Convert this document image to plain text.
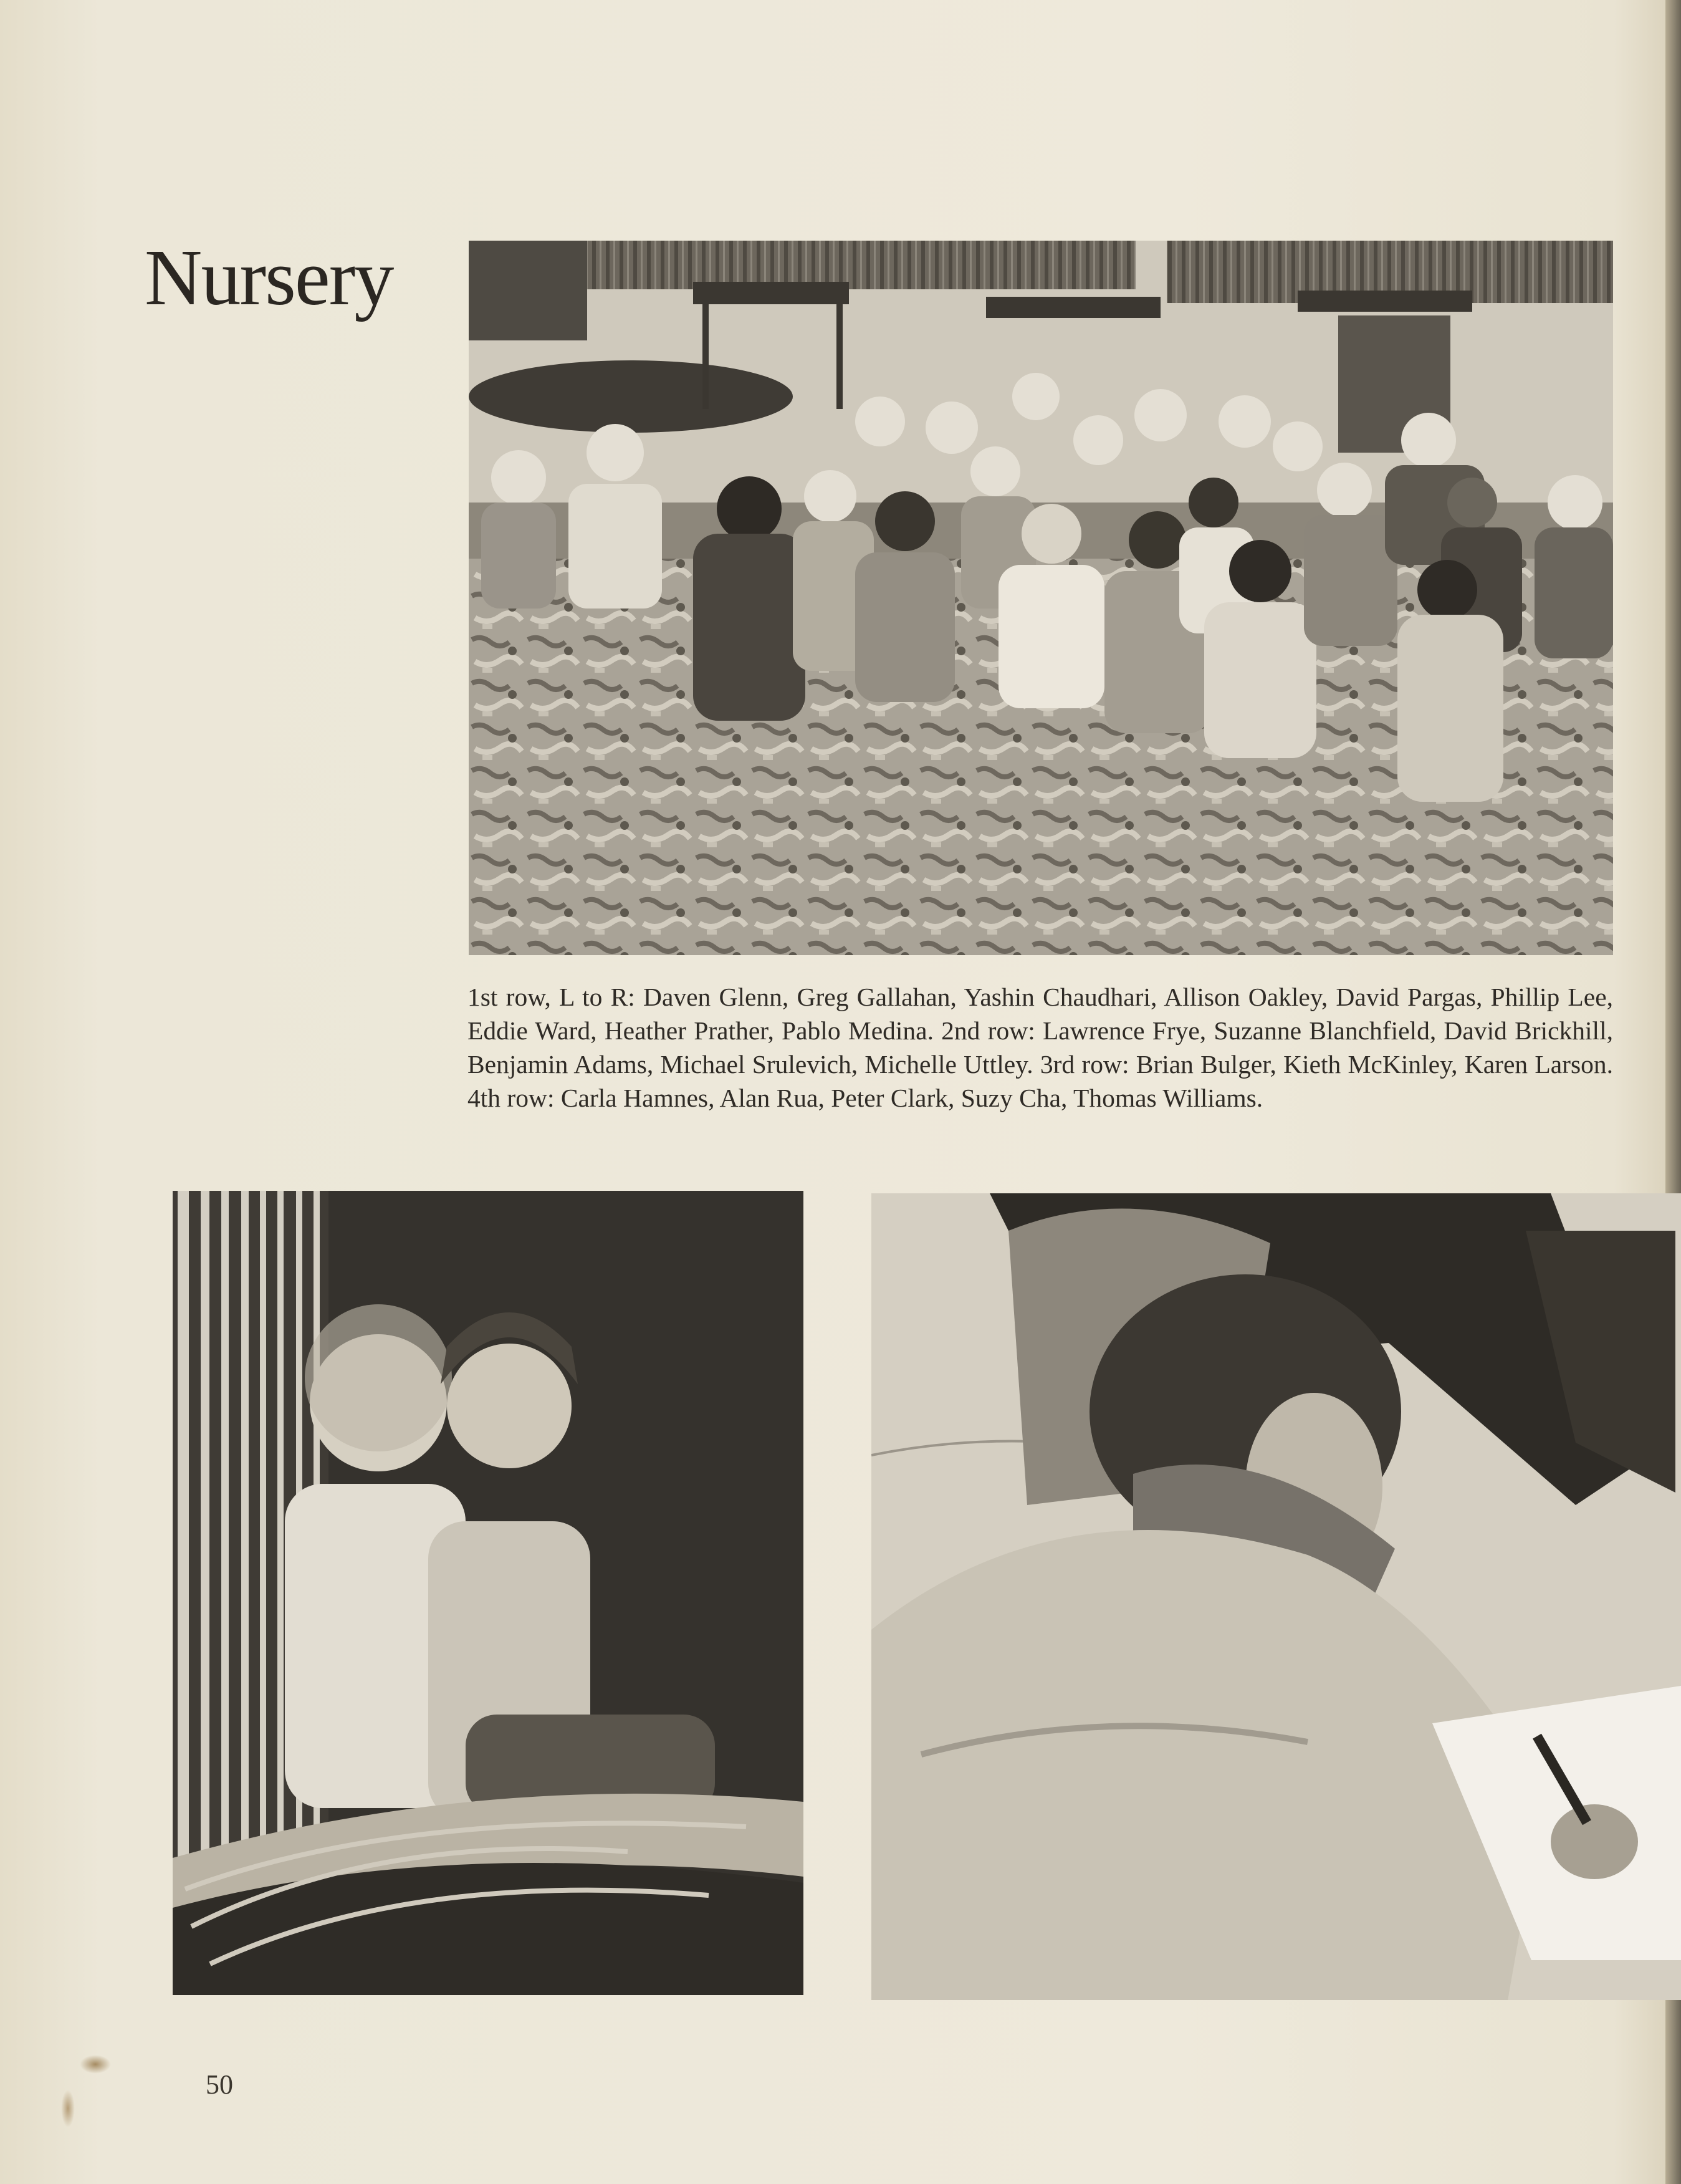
Nursery

1st row, L to R: Daven Glenn, Greg Gallahan, Yashin Chaudhari, Allison Oakley, David Pargas, Phillip Lee, Eddie Ward, Heather Prather, Pablo Medina. 2nd row: Lawrence Frye, Suzanne Blanchfield, David Brickhill, Benjamin Adams, Michael Srulevich, Michelle Uttley. 3rd row: Brian Bulger, Kieth McKinley, Karen Larson. 4th row: Carla Hamnes, Alan Rua, Peter Clark, Suzy Cha, Thomas Williams.

50
